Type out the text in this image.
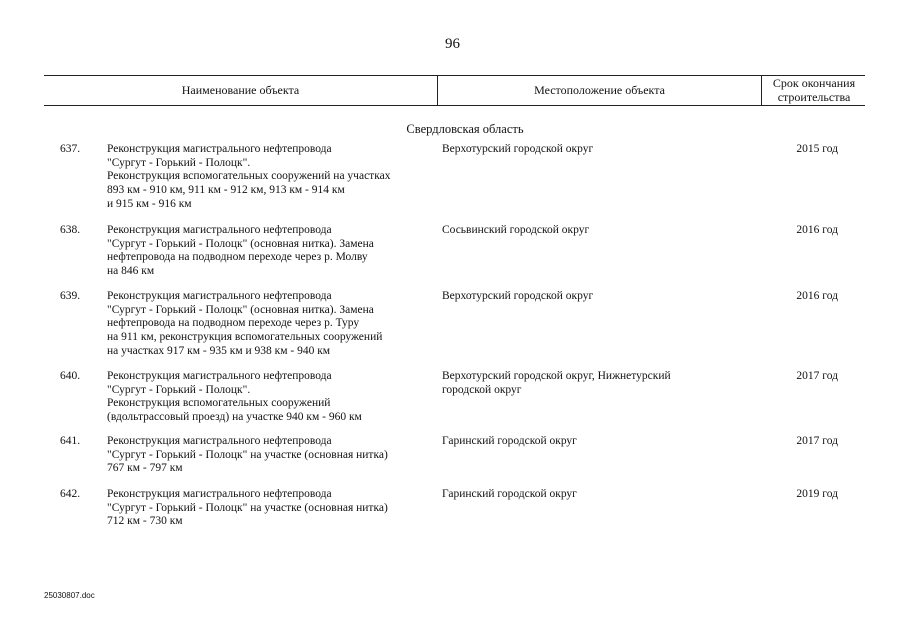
96
Наименование объекта	Местоположение объекта	Срок окончания
строительства
Свердловская область
637.	Реконструкция магистрального нефтепровода
"Сургут - Горький - Полоцк".
Реконструкция вспомогательных сооружений на участках
893 км - 910 км, 911 км - 912 км, 913 км - 914 км
и 915 км - 916 км
Верхотурский городской округ	2015 год
638.	Реконструкция магистрального нефтепровода
"Сургут - Горький - Полоцк" (основная нитка). Замена
нефтепровода на подводном переходе через р. Молву
на 846 км
Сосьвинский городской округ	2016 год
639.	Реконструкция магистрального нефтепровода
"Сургут - Горький - Полоцк" (основная нитка). Замена
нефтепровода на подводном переходе через р. Туру
на 911 км, реконструкция вспомогательных сооружений
на участках 917 км - 935 км и 938 км - 940 км
Верхотурский городской округ	2016 год
640.	Реконструкция магистрального нефтепровода
"Сургут - Горький - Полоцк".
Реконструкция вспомогательных сооружений
(вдольтрассовый проезд) на участке 940 км - 960 км
Верхотурский городской округ, Нижнетурский
городской округ
2017 год
641.	Реконструкция магистрального нефтепровода
"Сургут - Горький - Полоцк" на участке (основная нитка)
767 км - 797 км
Гаринский городской округ	2017 год
642.	Реконструкция магистрального нефтепровода
"Сургут - Горький - Полоцк" на участке (основная нитка)
712 км - 730 км
Гаринский городской округ	2019 год
25030807.doc
